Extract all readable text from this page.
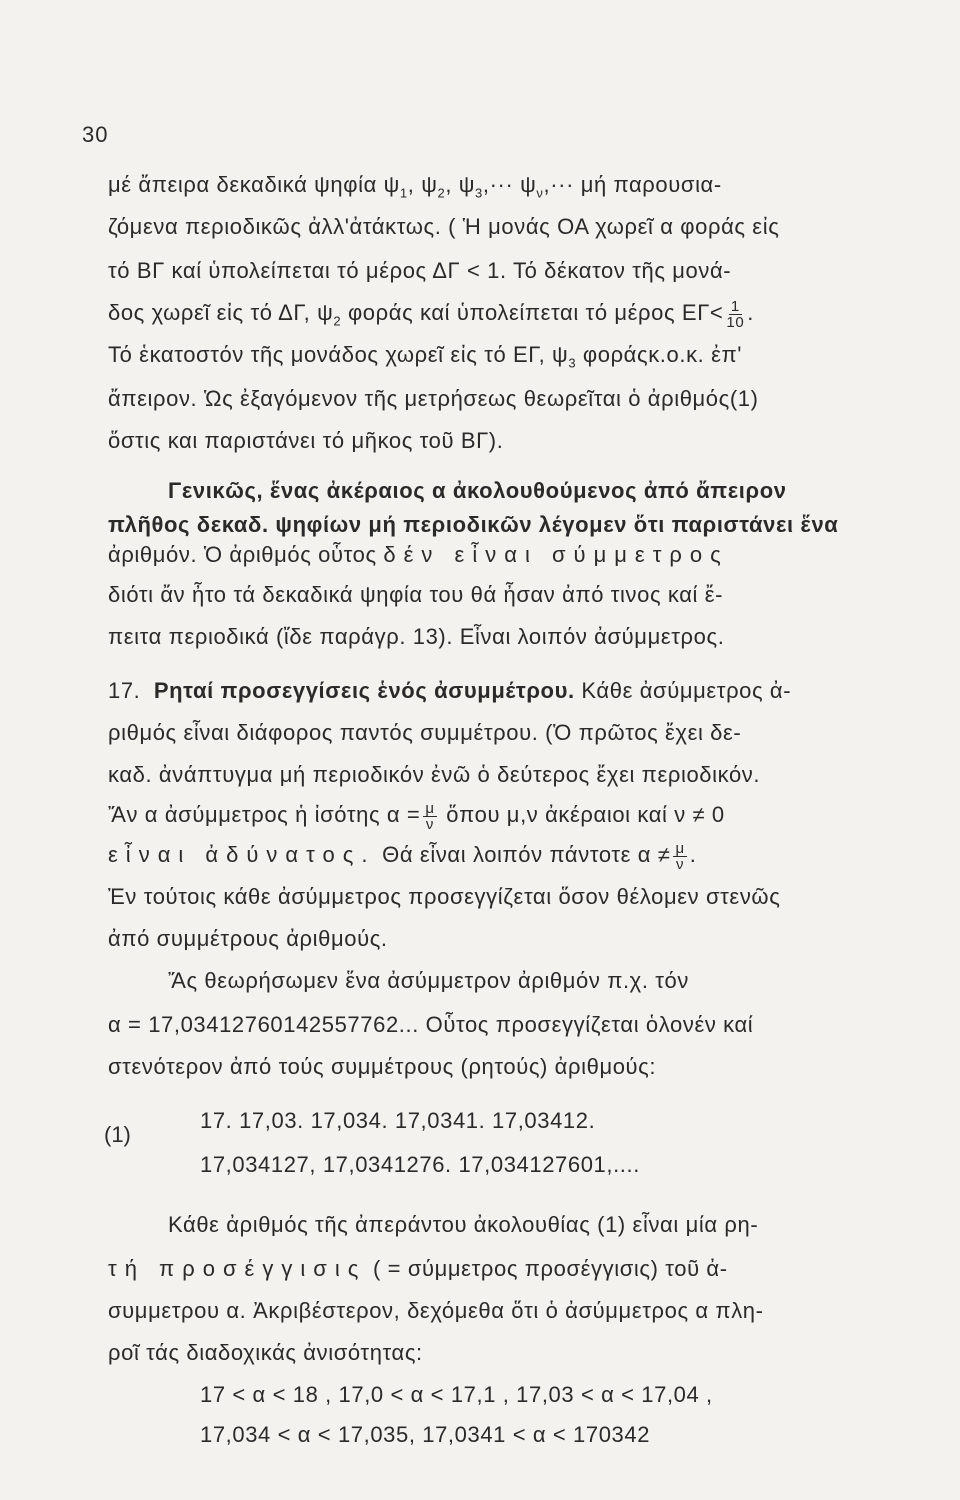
30
μέ ἄπειρα δεκαδικά ψηφία $\psi_1$, $\psi_2$, $\psi_3,\cdot\cdot\cdot \psi_\nu,\cdot\cdot\cdot \mu ή$ παρουσια-
ζόμενα περιοδικῶς ἀλλ'ἀτάκτως. ( Ἡ μονάς ΟΑ χωρεῖ α φοράς εἰς
τό ΒΓ καί ὑπολείπεται τό μέρος ΔΓ < 1. Τό δέκατον τῆς μονά-
δος χωρεῖ εἰς τό ΔΓ, $\psi_2$ φοράς καί ὑπολείπεται τό μέρος $E\Gamma< \frac{1}{10}$ .
Τό ἑκατοστόν τῆς μονάδος χωρεῖ εἰς τό ΕΓ, $\psi_3$ φοράςκ.ο.κ. ἐπ'
ἄπειρον. Ὡς ἐξαγόμενον τῆς μετρήσεως θεωρεῖται ὁ ἀριθμός(1)
ὅστις και παριστάνει τό μῆκος τοῦ ΒΓ).
Γενικῶς, ἕνας ἀκέραιος α ἀκολουθούμενος ἀπό ἄπειρον
πλῆθος δεκαδ. ψηφίων μή περιοδικῶν λέγομεν ὅτι παριστάνει ἕνα
ἀριθμόν. Ὁ ἀριθμός οὗτος δέν εἶναι σύμμετρος
διότι ἄν ἦτο τά δεκαδικά ψηφία του θά ἦσαν ἀπό τινος καί ἔ-
πειτα περιοδικά (ἴδε παράγρ. 13). Εἶναι λοιπόν ἀσύμμετρος.
17. Ρηταί προσεγγίσεις ἑνός ἀσυμμέτρου. Κάθε ἀσύμμετρος ἀ-
ριθμός εἶναι διάφορος παντός συμμέτρου. (Ὁ πρῶτος ἔχει δε-
καδ. ἀνάπτυγμα μή περιοδικόν ἐνῶ ὁ δεύτερος ἔχει περιοδικόν.
Ἄν α ἀσύμμετρος ἡ ἰσότης $\alpha = \frac{\mu}{\nu}$ ὅπου μ,ν ἀκέραιοι καί ν ≠ 0
εἶναι ἀδύνατος. Θά εἶναι λοιπόν πάντοτε $\alpha \ne \frac{\mu}{\nu}$ .
Ἐν τούτοις κάθε ἀσύμμετρος προσεγγίζεται ὅσον θέλομεν στενῶς
ἀπό συμμέτρους ἀριθμούς.
Ἄς θεωρήσωμεν ἕνα ἀσύμμετρον ἀριθμόν π.χ. τόν
α = 17,03412760142557762... Οὗτος προσεγγίζεται ὁλονέν καί
στενότερον ἀπό τούς συμμέτρους (ρητούς) ἀριθμούς:
(1)
17. 17,03. 17,034. 17,0341. 17,03412.
17,034127, 17,0341276. 17,034127601,....
Κάθε ἀριθμός τῆς ἀπεράντου ἀκολουθίας (1) εἶναι μία ρη-
τή προσέγγισις ( = σύμμετρος προσέγγισις) τοῦ ἀ-
συμμετρου α. Ἀκριβέστερον, δεχόμεθα ὅτι ὁ ἀσύμμετρος α πλη-
ροῖ τάς διαδοχικάς ἀνισότητας:
17 < α < 18 , 17,0 < α < 17,1 , 17,03 < α < 17,04 ,
17,034 < α < 17,035, 17,0341 < α < 170342
